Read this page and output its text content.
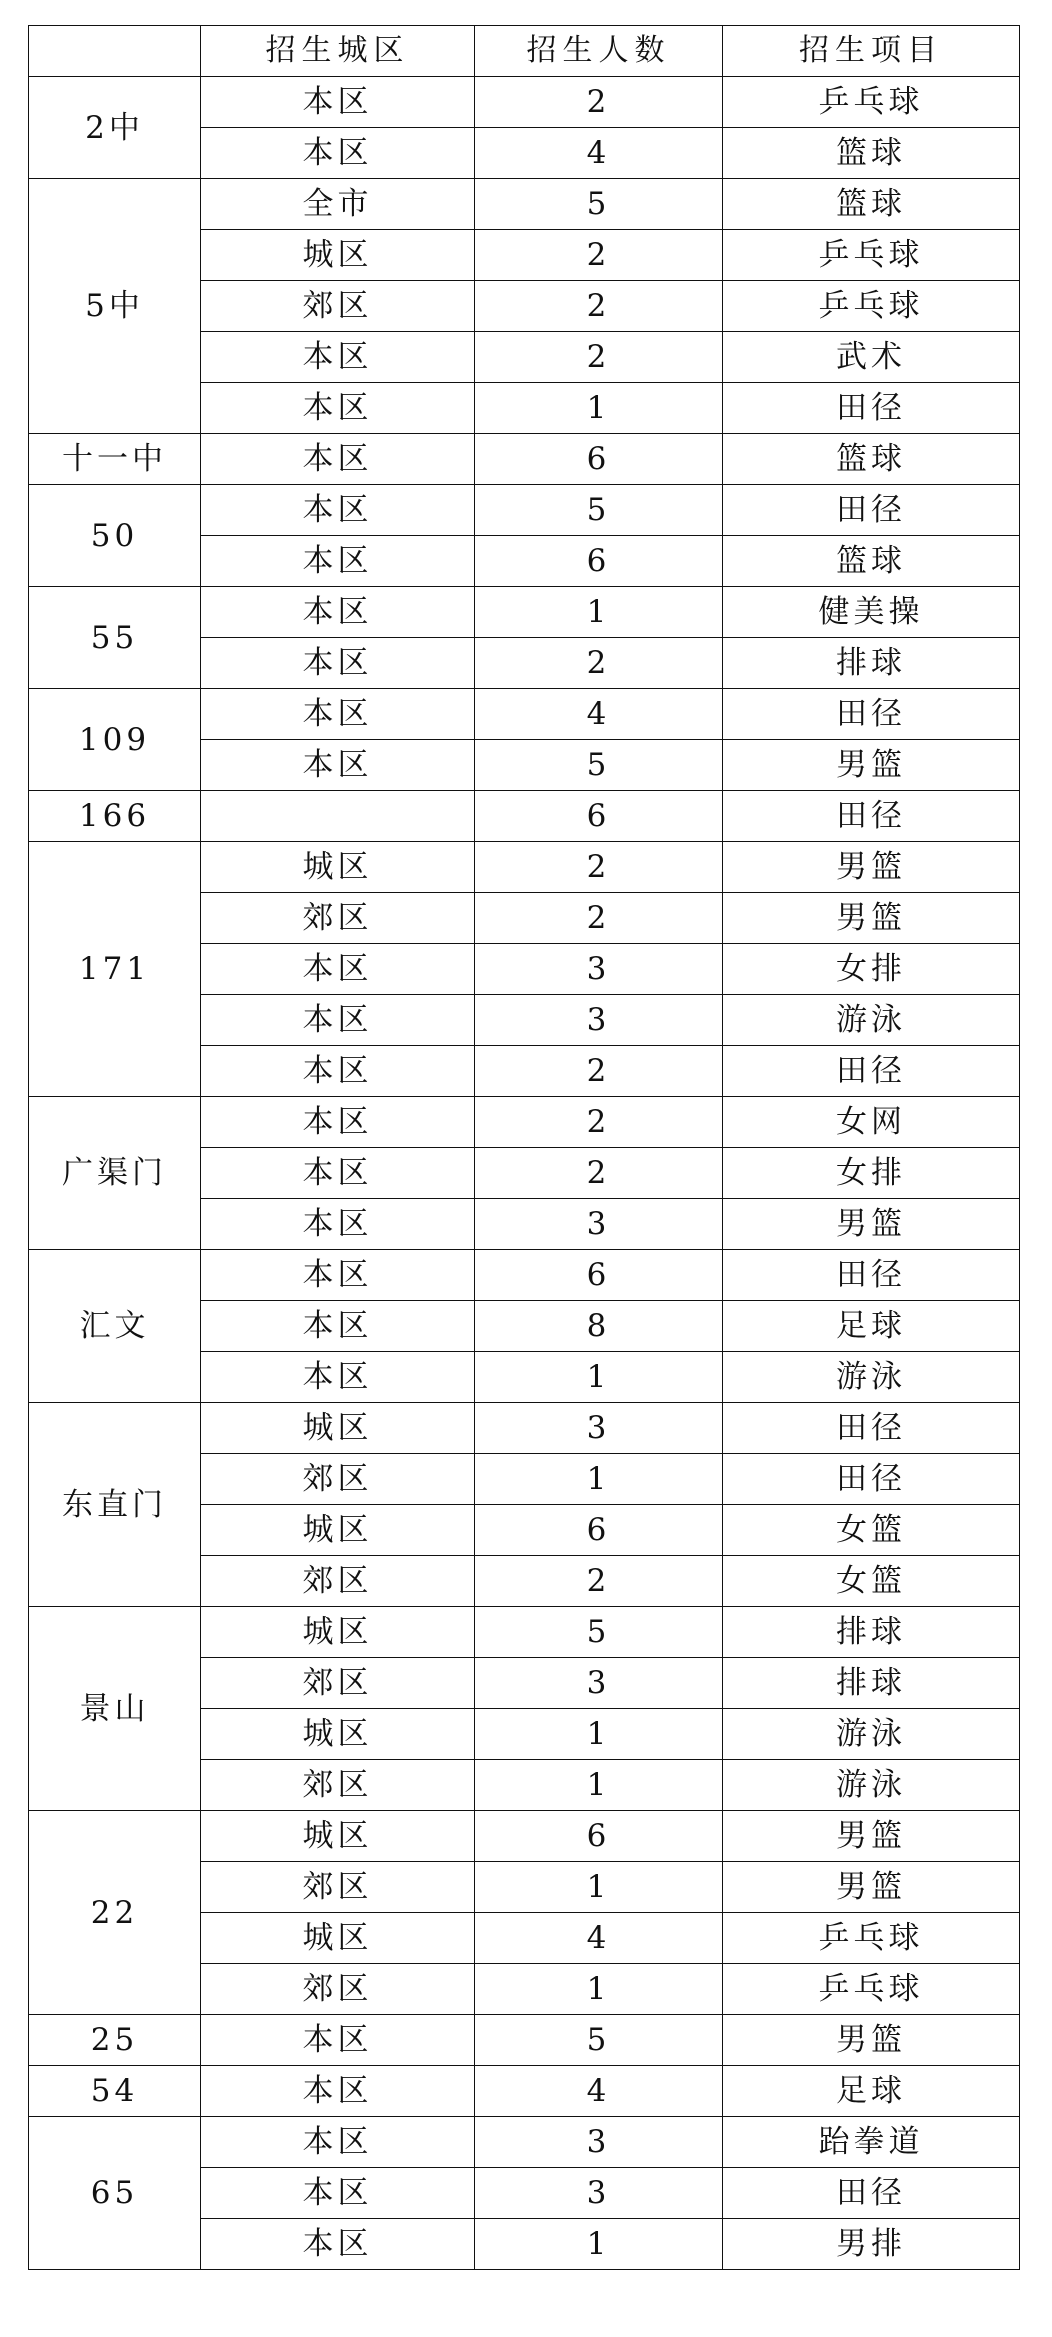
	招生城区	招生人数	招生项目
2中	本区	2	乒乓球
	本区	4	篮球
5中	全市	5	篮球
	城区	2	乒乓球
	郊区	2	乒乓球
	本区	2	武术
	本区	1	田径
十一中	本区	6	篮球
50	本区	5	田径
	本区	6	篮球
55	本区	1	健美操
	本区	2	排球
109	本区	4	田径
	本区	5	男篮
166		6	田径
171	城区	2	男篮
	郊区	2	男篮
	本区	3	女排
	本区	3	游泳
	本区	2	田径
广渠门	本区	2	女网
	本区	2	女排
	本区	3	男篮
汇文	本区	6	田径
	本区	8	足球
	本区	1	游泳
东直门	城区	3	田径
	郊区	1	田径
	城区	6	女篮
	郊区	2	女篮
景山	城区	5	排球
	郊区	3	排球
	城区	1	游泳
	郊区	1	游泳
22	城区	6	男篮
	郊区	1	男篮
	城区	4	乒乓球
	郊区	1	乒乓球
25	本区	5	男篮
54	本区	4	足球
65	本区	3	跆拳道
	本区	3	田径
	本区	1	男排
